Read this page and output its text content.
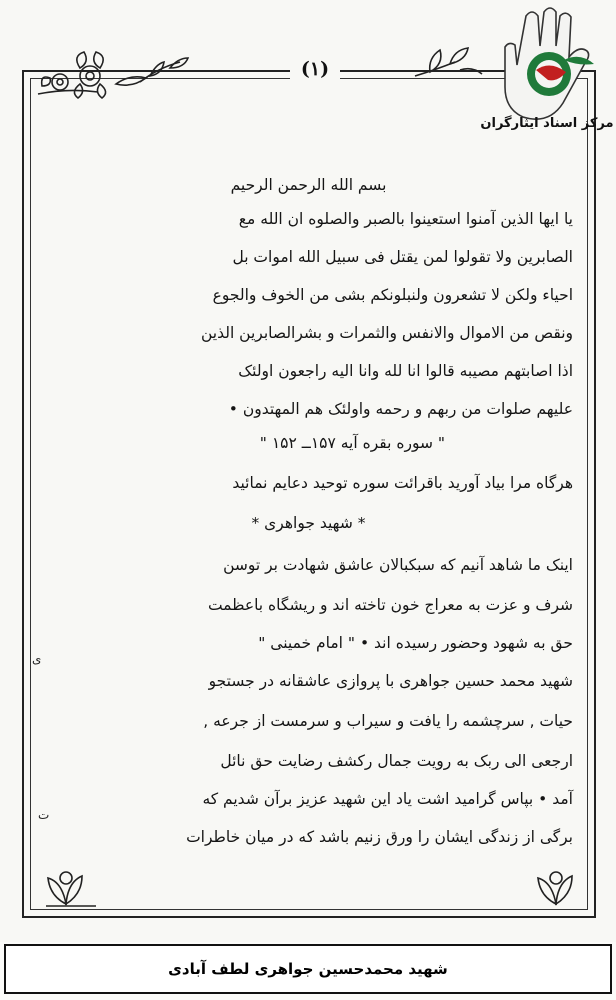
(۱)
مرکز اسناد ایثارگران
بسم الله الرحمن الرحیم
یا ایها الذین آمنوا استعینوا بالصبر والصلوه ان الله مع
الصابرین ولا تقولوا لمن یقتل فی سبیل الله اموات بل
احیاء ولکن لا تشعرون ولنبلونکم بشی من الخوف والجوع
ونقص من الاموال والانفس والثمرات و بشرالصابرین الذین
اذا اصابتهم مصیبه قالوا انا لله وانا الیه راجعون اولئک
علیهم صلوات من ربهم و رحمه واولئک هم المهتدون •
" سوره بقره آیه ۱۵۷ــ ۱۵۲ "
هرگاه مرا بیاد آورید باقرائت سوره توحید دعایم نمائید
* شهید جواهری *
اینک ما شاهد آنیم که سبکبالان عاشق شهادت بر توسن
شرف و عزت به معراج خون تاخته اند و ریشگاه باعظمت
حق به شهود وحضور رسیده اند • " امام خمینی "
شهید محمد حسین جواهری با پروازی عاشقانه در جستجو
حیات , سرچشمه را یافت و سیراب و سرمست از جرعه ,
ارجعی الی ربک به رویت جمال رکشف رضایت حق نائل
آمد • بپاس گرامید اشت یاد این شهید عزیز برآن شدیم که
برگی از زندگی ایشان را ورق زنیم باشد که در میان خاطرات
ی
ت
شهید محمدحسین جواهری لطف آبادی
